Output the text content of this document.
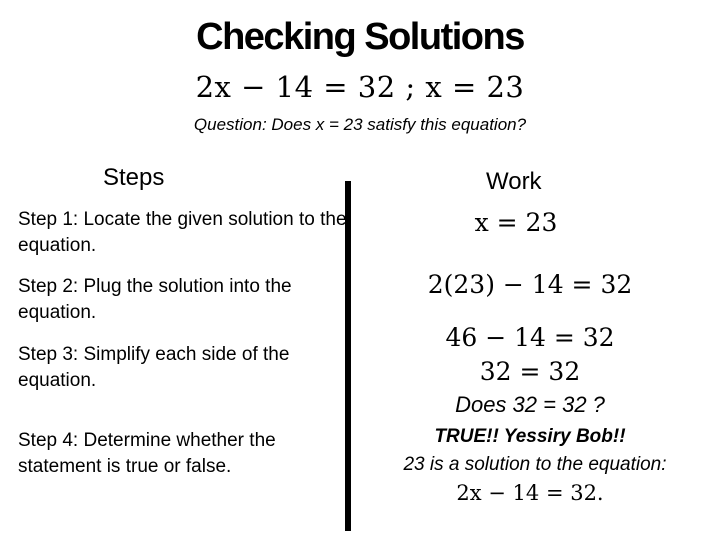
Checking Solutions
2x − 14 = 32 ; x = 23
Question: Does x = 23 satisfy this equation?
Steps	Work
Step 1: Locate the given solution to the equation.
Step 2: Plug the solution into the equation.
Step 3: Simplify each side of the equation.
Step 4: Determine whether the statement is true or false.
x = 23
2(23) − 14 = 32
46 − 14 = 32
32 = 32
Does 32 = 32 ?
TRUE!! Yessiry Bob!!
23 is a solution to the equation:
2x − 14 = 32.
